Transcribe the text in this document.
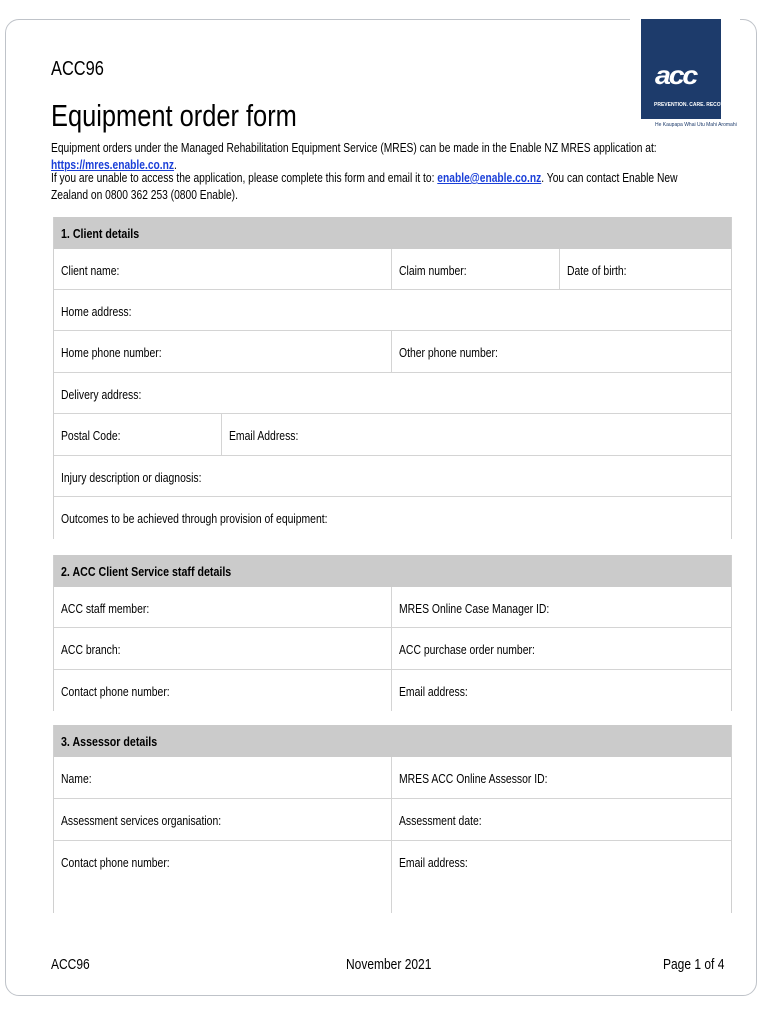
ACC96
Equipment order form
acc
PREVENTION. CARE. RECOVERY.
He Kaupapa Whai Utu Mahi Aromahi
Equipment orders under the Managed Rehabilitation Equipment Service (MRES) can be made in the Enable NZ MRES application at: https://mres.enable.co.nz.
If you are unable to access the application, please complete this form and email it to: enable@enable.co.nz. You can contact Enable New Zealand on 0800 362 253 (0800 Enable).
1. Client details
Client name:	Claim number:	Date of birth:
Home address:
Home phone number:	Other phone number:
Delivery address:
Postal Code:	Email Address:
Injury description or diagnosis:
Outcomes to be achieved through provision of equipment:
2. ACC Client Service staff details
ACC staff member:	MRES Online Case Manager ID:
ACC branch:	ACC purchase order number:
Contact phone number:	Email address:
3. Assessor details
Name:	MRES ACC Online Assessor ID:
Assessment services organisation:	Assessment date:
Contact phone number:	Email address:
ACC96	November 2021	Page 1 of 4
